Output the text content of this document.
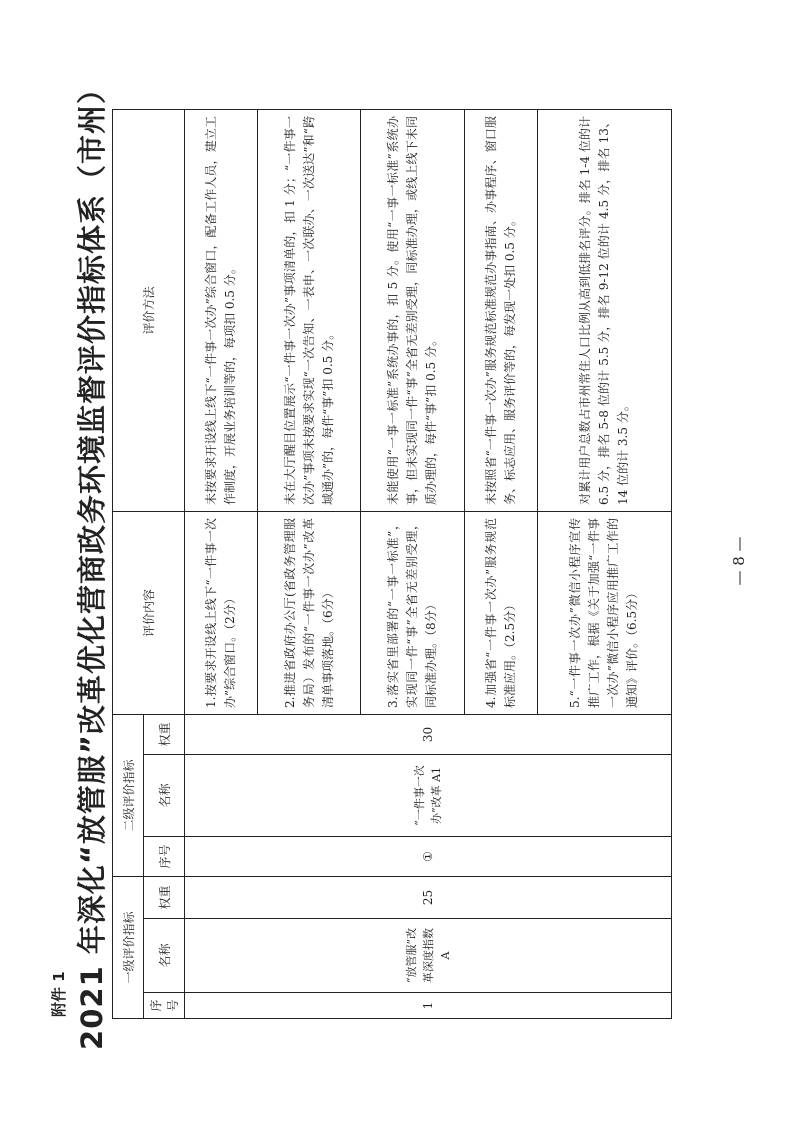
附件 1 2021 年深化“放管服”改革优化营商政务环境监督评价指标体系（市州） 一级评价指标			二级评价指标			评价内容	评价方法
序号	名称	权重	序号	名称	权重		
1	“放管服”改革深度指数 A	25	①	“一件事一次办”改革 A1	30	1.按要求开设线上线下“一件事一次办”综合窗口。（2分）	未按要求开设线上线下“一件事一次办”综合窗口，配备工作人员，建立工作制度，开展业务培训等的，每项扣 0.5 分。
						2.推进省政府办公厅(省政务管理服务局）发布的“一件事一次办”改革清单事项落地。（6分）	未在大厅醒目位置展示“一件事一次办”事项清单的，扣 1 分；“一件事一次办”事项未按要求实现“一次告知、一表申、一次联办、一次送达”和“跨域通办”的，每件“事”扣 0.5 分。
						3.落实省里部署的“一事一标准”，实现同一件“事”全省无差别受理，同标准办理。（8分）	未能使用“一事一标准”系统办事的，扣 5 分。使用“一事一标准”系统办事，但未实现同一件“事”全省无差别受理，同标准办理，或线上线下未同质办理的，每件“事”扣 0.5 分。
						4.加强省“一件事一次办”服务规范标准应用。（2.5分）	未按照省“一件事一次办”服务规范标准规范办事指南、办事程序、窗口服务、标志应用、服务评价等的，每发现一处扣 0.5 分。
						5.“一件事一次办”微信小程序宣传推广工作，根据《关于加强“一件事一次办”微信小程序应用推广工作的通知》评价。（6.5分）	对累计用户总数占市州常住人口比例从高到低排名评分。排名 1-4 位的计 6.5 分，排名 5-8 位的计 5.5 分，排名 9-12 位的计 4.5 分，排名 13、14 位的计 3.5 分。
— 8 —
